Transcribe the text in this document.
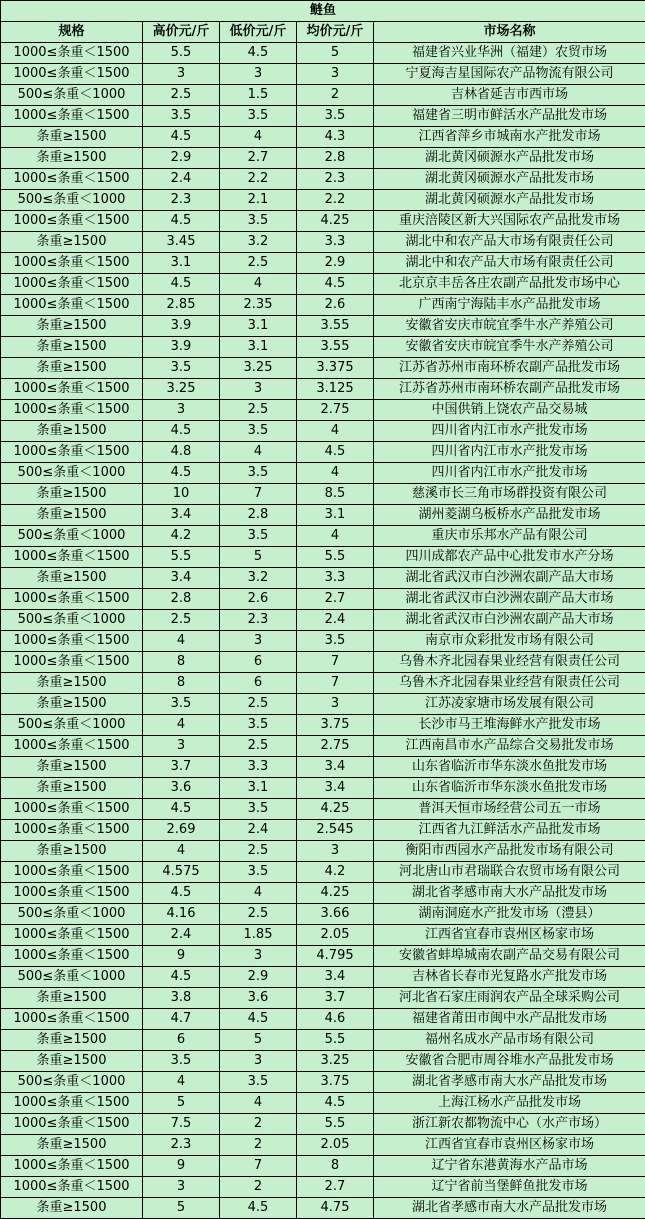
鲢鱼				
规格	高价元/斤	低价元/斤	均价元/斤	市场名称
1000≤条重＜1500	5.5	4.5	5	福建省兴业华洲（福建）农贸市场
1000≤条重＜1500	3	3	3	宁夏海吉星国际农产品物流有限公司
500≤条重＜1000	2.5	1.5	2	吉林省延吉市西市场
1000≤条重＜1500	3.5	3.5	3.5	福建省三明市鲜活水产品批发市场
条重≥1500	4.5	4	4.3	江西省萍乡市城南水产批发市场
条重≥1500	2.9	2.7	2.8	湖北黄冈硕源水产品批发市场
1000≤条重＜1500	2.4	2.2	2.3	湖北黄冈硕源水产品批发市场
500≤条重＜1000	2.3	2.1	2.2	湖北黄冈硕源水产品批发市场
1000≤条重＜1500	4.5	3.5	4.25	重庆涪陵区新大兴国际农产品批发市场
条重≥1500	3.45	3.2	3.3	湖北中和农产品大市场有限责任公司
1000≤条重＜1500	3.1	2.5	2.9	湖北中和农产品大市场有限责任公司
1000≤条重＜1500	4.5	4	4.5	北京京丰岳各庄农副产品批发市场中心
1000≤条重＜1500	2.85	2.35	2.6	广西南宁海陆丰水产品批发市场
条重≥1500	3.9	3.1	3.55	安徽省安庆市皖宜季牛水产养殖公司
条重≥1500	3.9	3.1	3.55	安徽省安庆市皖宜季牛水产养殖公司
条重≥1500	3.5	3.25	3.375	江苏省苏州市南环桥农副产品批发市场
1000≤条重＜1500	3.25	3	3.125	江苏省苏州市南环桥农副产品批发市场
1000≤条重＜1500	3	2.5	2.75	中国供销上饶农产品交易城
条重≥1500	4.5	3.5	4	四川省内江市水产批发市场
1000≤条重＜1500	4.8	4	4.5	四川省内江市水产批发市场
500≤条重＜1000	4.5	3.5	4	四川省内江市水产批发市场
条重≥1500	10	7	8.5	慈溪市长三角市场群投资有限公司
条重≥1500	3.4	2.8	3.1	湖州菱湖乌板桥水产品批发市场
500≤条重＜1000	4.2	3.5	4	重庆市乐邦水产品有限公司
1000≤条重＜1500	5.5	5	5.5	四川成都农产品中心批发市水产分场
条重≥1500	3.4	3.2	3.3	湖北省武汉市白沙洲农副产品大市场
1000≤条重＜1500	2.8	2.6	2.7	湖北省武汉市白沙洲农副产品大市场
500≤条重＜1000	2.5	2.3	2.4	湖北省武汉市白沙洲农副产品大市场
1000≤条重＜1500	4	3	3.5	南京市众彩批发市场有限公司
1000≤条重＜1500	8	6	7	乌鲁木齐北园春果业经营有限责任公司
条重≥1500	8	6	7	乌鲁木齐北园春果业经营有限责任公司
条重≥1500	3.5	2.5	3	江苏凌家塘市场发展有限公司
500≤条重＜1000	4	3.5	3.75	长沙市马王堆海鲜水产批发市场
1000≤条重＜1500	3	2.5	2.75	江西南昌市水产品综合交易批发市场
条重≥1500	3.7	3.3	3.4	山东省临沂市华东淡水鱼批发市场
条重≥1500	3.6	3.1	3.4	山东省临沂市华东淡水鱼批发市场
1000≤条重＜1500	4.5	3.5	4.25	普洱天恒市场经营公司五一市场
1000≤条重＜1500	2.69	2.4	2.545	江西省九江鲜活水产品批发市场
条重≥1500	4	2.5	3	衡阳市西园水产品批发市场有限公司
1000≤条重＜1500	4.575	3.5	4.2	河北唐山市君瑞联合农贸市场有限公司
1000≤条重＜1500	4.5	4	4.25	湖北省孝感市南大水产品批发市场
500≤条重＜1000	4.16	2.5	3.66	湖南洞庭水产批发市场（澧县）
1000≤条重＜1500	2.4	1.85	2.05	江西省宜春市袁州区杨家市场
1000≤条重＜1500	9	3	4.795	安徽省蚌埠城南农副产品交易有限公司
500≤条重＜1000	4.5	2.9	3.4	吉林省长春市光复路水产批发市场
条重≥1500	3.8	3.6	3.7	河北省石家庄雨润农产品全球采购公司
1000≤条重＜1500	4.7	4.5	4.6	福建省莆田市闽中水产品批发市场
条重≥1500	6	5	5.5	福州名成水产品市场有限公司
条重≥1500	3.5	3	3.25	安徽省合肥市周谷堆水产品批发市场
500≤条重＜1000	4	3.5	3.75	湖北省孝感市南大水产品批发市场
1000≤条重＜1500	5	4	4.5	上海江杨水产品批发市场
1000≤条重＜1500	7.5	2	5.5	浙江新农都物流中心（水产市场）
条重≥1500	2.3	2	2.05	江西省宜春市袁州区杨家市场
1000≤条重＜1500	9	7	8	辽宁省东港黄海水产品市场
1000≤条重＜1500	3	2	2.7	辽宁省前当堡鲜鱼批发市场
条重≥1500	5	4.5	4.75	湖北省孝感市南大水产品批发市场
